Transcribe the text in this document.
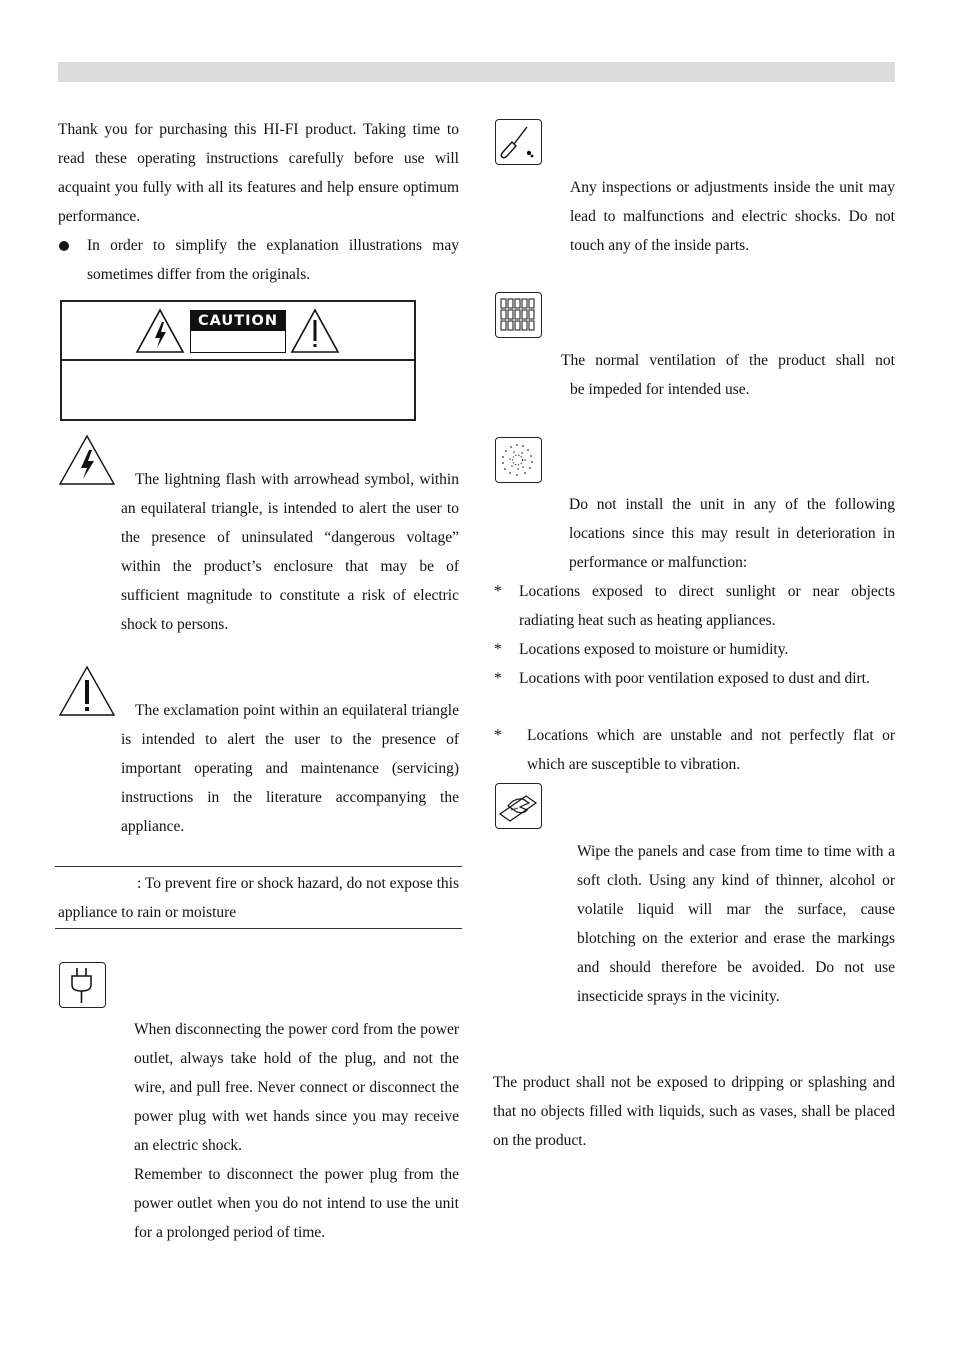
Thank you for purchasing this HI-FI product. Taking time to read these operating instructions carefully before use will acquaint you fully with all its features and help ensure optimum performance.

In order to simplify the explanation illustrations may sometimes differ from the originals.

CAUTION

The lightning flash with arrowhead symbol, within an equilateral triangle, is intended to alert the user to the presence of uninsulated “dangerous voltage” within the product’s enclosure that may be of sufficient magnitude to constitute a risk of electric shock to persons.

The exclamation point within an equilateral triangle is intended to alert the user to the presence of important operating and maintenance (servicing) instructions in the literature accompanying the appliance.

: To prevent fire or shock hazard, do not expose this appliance to rain or moisture

When disconnecting the power cord from the power outlet, always take hold of the plug, and not the wire, and pull free. Never connect or disconnect the power plug with wet hands since you may receive an electric shock.

Remember to disconnect the power plug from the power outlet when you do not intend to use the unit for a prolonged period of time.

Any inspections or adjustments inside the unit may lead to malfunctions and electric shocks. Do not touch any of the inside parts.

The normal ventilation of the product shall not

be impeded for intended use.

Do not install the unit in any of the following locations since this may result in deterioration in performance or malfunction:

* Locations exposed to direct sunlight or near objects radiating heat such as heating appliances.

* Locations exposed to moisture or humidity.

* Locations with poor ventilation exposed to dust and dirt.

* Locations which are unstable and not perfectly flat or which are susceptible to vibration.

Wipe the panels and case from time to time with a soft cloth. Using any kind of thinner, alcohol or volatile liquid will mar the surface, cause blotching on the exterior and erase the markings and should therefore be avoided. Do not use insecticide sprays in the vicinity.

The product shall not be exposed to dripping or splashing and that no objects filled with liquids, such as vases, shall be placed on the product.
